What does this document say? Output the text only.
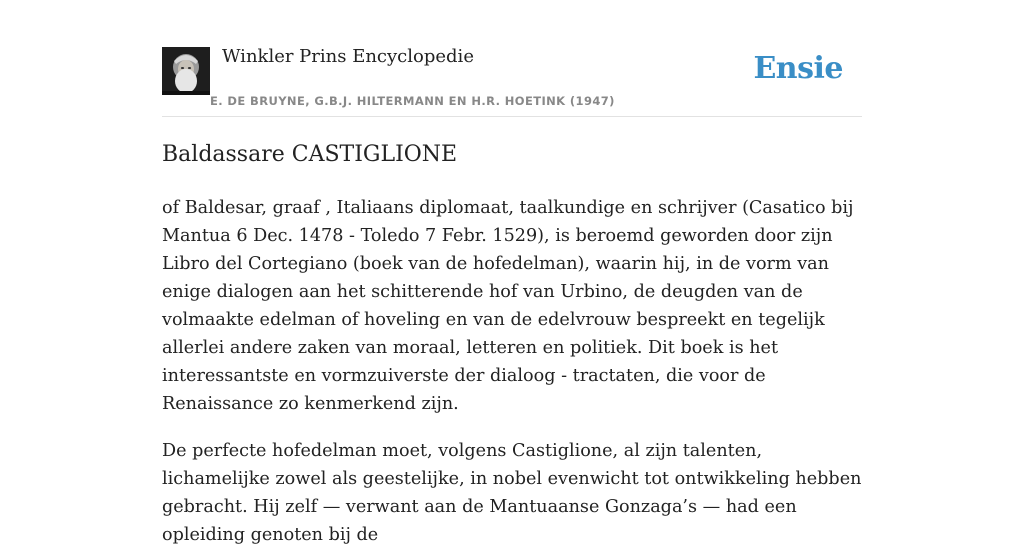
Winkler Prins Encyclopedie
E. DE BRUYNE, G.B.J. HILTERMANN EN H.R. HOETINK (1947)
Ensie
Baldassare CASTIGLIONE

of Baldesar, graaf , Italiaans diplomaat, taalkundige en schrijver (Casatico bij Mantua 6 Dec. 1478 - Toledo 7 Febr. 1529), is beroemd geworden door zijn Libro del Cortegiano (boek van de hofedelman), waarin hij, in de vorm van enige dialogen aan het schitterende hof van Urbino, de deugden van de volmaakte edelman of hoveling en van de edelvrouw bespreekt en tegelijk allerlei andere zaken van moraal, letteren en politiek. Dit boek is het interessantste en vormzuiverste der dialoog - tractaten, die voor de Renaissance zo kenmerkend zijn.

De perfecte hofedelman moet, volgens Castiglione, al zijn talenten, lichamelijke zowel als geestelijke, in nobel evenwicht tot ontwikkeling hebben gebracht. Hij zelf — verwant aan de Mantuaanse Gonzaga’s — had een opleiding genoten bij de
